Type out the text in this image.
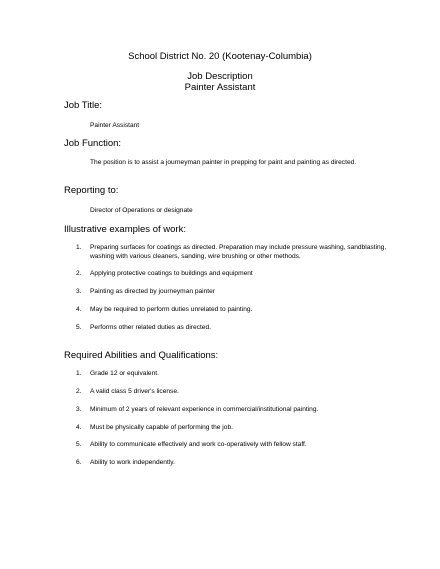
School District No. 20 (Kootenay-Columbia)
Job Description
Painter Assistant
Job Title:
Painter Assistant
Job Function:
The position is to assist a journeyman painter in prepping for paint and painting as directed.
Reporting to:
Director of Operations or designate
Illustrative examples of work:
1.	Preparing surfaces for coatings as directed. Preparation may include pressure washing, sandblasting, washing with various cleaners, sanding, wire brushing or other methods.
2.	Applying protective coatings to buildings and equipment
3.	Painting as directed by journeyman painter
4.	May be required to perform duties unrelated to painting.
5.	Performs other related duties as directed.
Required Abilities and Qualifications:
1.	Grade 12 or equivalent.
2.	A valid class 5 driver's license.
3.	Minimum of 2 years of relevant experience in commercial/institutional painting.
4.	Must be physically capable of performing the job.
5.	Ability to communicate effectively and work co-operatively with fellow staff.
6.	Ability to work independently.
